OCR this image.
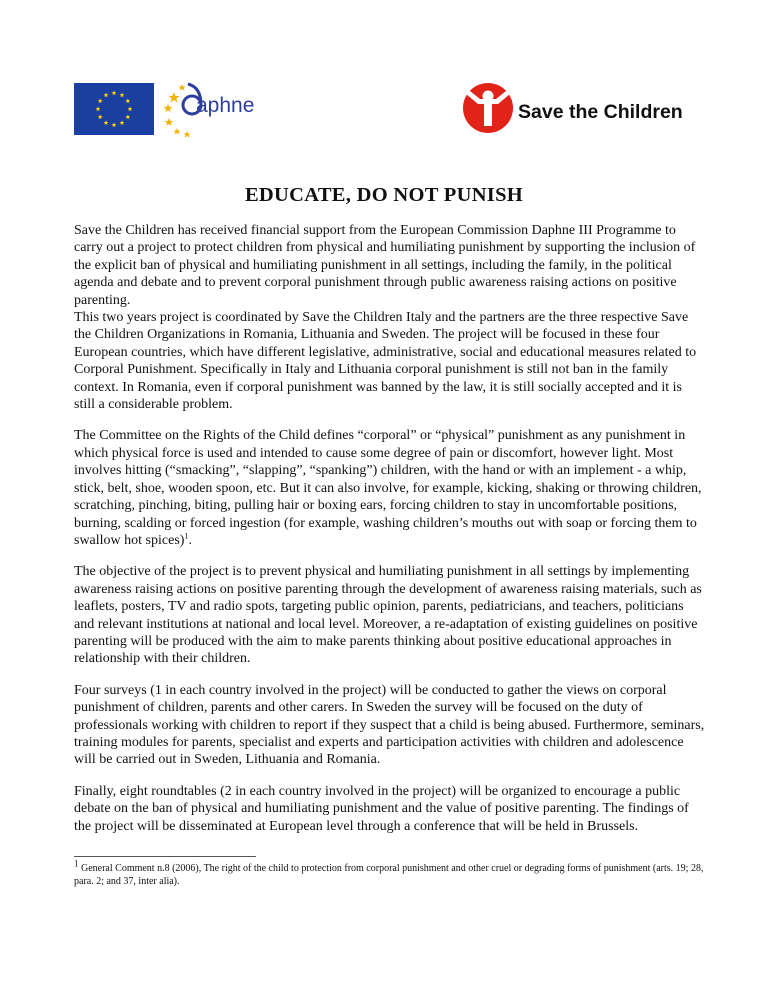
aphne	Save the Children
EDUCATE, DO NOT PUNISH

Save the Children has received financial support from the European Commission Daphne III Programme to carry out a project to protect children from physical and humiliating punishment by supporting the inclusion of the explicit ban of physical and humiliating punishment in all settings, including the family, in the political agenda and debate and to prevent corporal punishment through public awareness raising actions on positive parenting.

This two years project is coordinated by Save the Children Italy and the partners are the three respective Save the Children Organizations in Romania, Lithuania and Sweden. The project will be focused in these four European countries, which have different legislative, administrative, social and educational measures related to Corporal Punishment. Specifically in Italy and Lithuania corporal punishment is still not ban in the family context. In Romania, even if corporal punishment was banned by the law, it is still socially accepted and it is still a considerable problem.

The Committee on the Rights of the Child defines “corporal” or “physical” punishment as any punishment in which physical force is used and intended to cause some degree of pain or discomfort, however light. Most involves hitting (“smacking”, “slapping”, “spanking”) children, with the hand or with an implement - a whip, stick, belt, shoe, wooden spoon, etc. But it can also involve, for example, kicking, shaking or throwing children, scratching, pinching, biting, pulling hair or boxing ears, forcing children to stay in uncomfortable positions, burning, scalding or forced ingestion (for example, washing children’s mouths out with soap or forcing them to swallow hot spices)$^1$.

The objective of the project is to prevent physical and humiliating punishment in all settings by implementing awareness raising actions on positive parenting through the development of awareness raising materials, such as leaflets, posters, TV and radio spots, targeting public opinion, parents, pediatricians, and teachers, politicians and relevant institutions at national and local level. Moreover, a re-adaptation of existing guidelines on positive parenting will be produced with the aim to make parents thinking about positive educational approaches in relationship with their children.

Four surveys (1 in each country involved in the project) will be conducted to gather the views on corporal punishment of children, parents and other carers. In Sweden the survey will be focused on the duty of professionals working with children to report if they suspect that a child is being abused. Furthermore, seminars, training modules for parents, specialist and experts and participation activities with children and adolescence will be carried out in Sweden, Lithuania and Romania.

Finally, eight roundtables (2 in each country involved in the project) will be organized to encourage a public debate on the ban of physical and humiliating punishment and the value of positive parenting. The findings of the project will be disseminated at European level through a conference that will be held in Brussels.

$^1$ General Comment n.8 (2006), The right of the child to protection from corporal punishment and other cruel or degrading forms of punishment (arts. 19; 28, para. 2; and 37, inter alia).
